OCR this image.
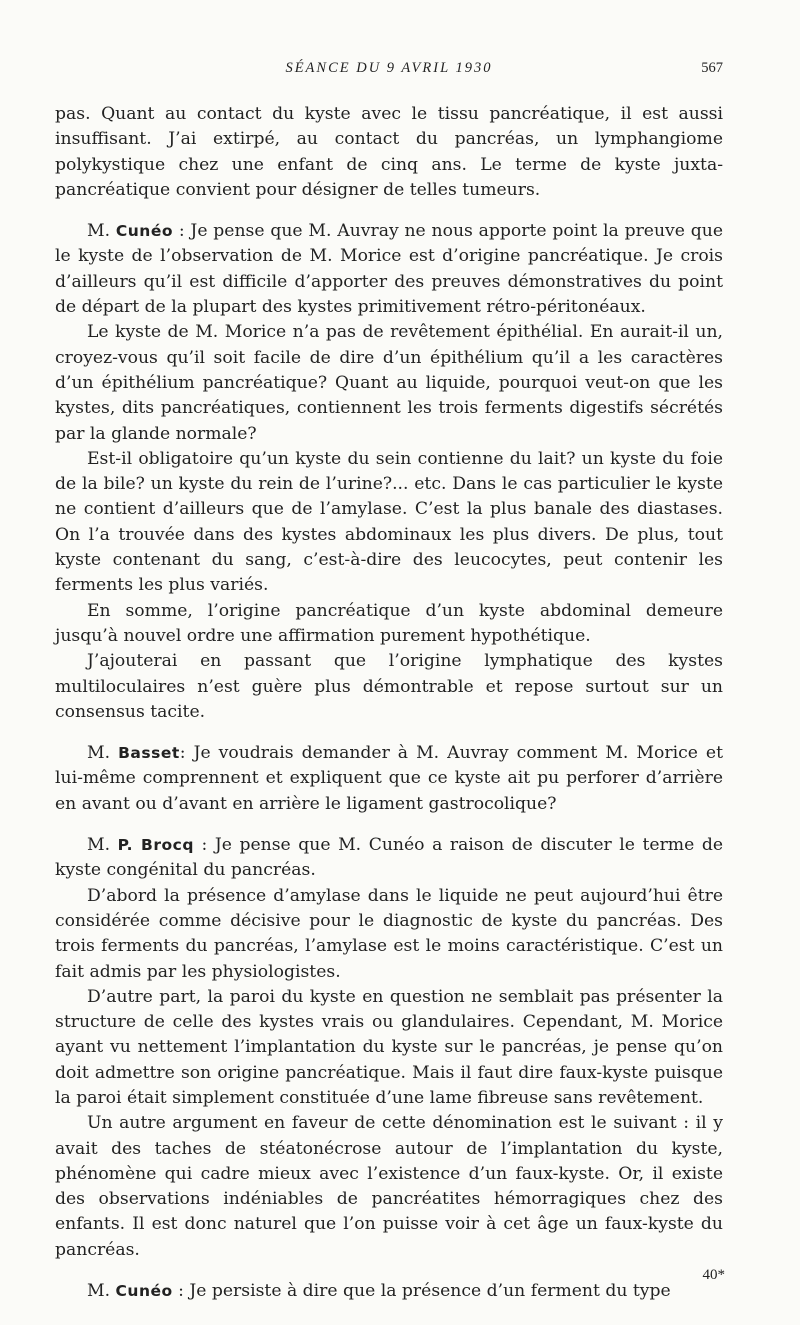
SÉANCE DU 9 AVRIL 1930	567

pas. Quant au contact du kyste avec le tissu pancréatique, il est aussi insuffisant. J’ai extirpé, au contact du pancréas, un lymphangiome polykystique chez une enfant de cinq ans. Le terme de kyste juxta-pancréatique convient pour désigner de telles tumeurs.

M. Cunéo : Je pense que M. Auvray ne nous apporte point la preuve que le kyste de l’observation de M. Morice est d’origine pancréatique. Je crois d’ailleurs qu’il est difficile d’apporter des preuves démonstratives du point de départ de la plupart des kystes primitivement rétro-péritonéaux.

Le kyste de M. Morice n’a pas de revêtement épithélial. En aurait-il un, croyez-vous qu’il soit facile de dire d’un épithélium qu’il a les caractères d’un épithélium pancréatique? Quant au liquide, pourquoi veut-on que les kystes, dits pancréatiques, contiennent les trois ferments digestifs sécrétés par la glande normale?

Est-il obligatoire qu’un kyste du sein contienne du lait? un kyste du foie de la bile? un kyste du rein de l’urine?... etc. Dans le cas particulier le kyste ne contient d’ailleurs que de l’amylase. C’est la plus banale des diastases. On l’a trouvée dans des kystes abdominaux les plus divers. De plus, tout kyste contenant du sang, c’est-à-dire des leucocytes, peut contenir les ferments les plus variés.

En somme, l’origine pancréatique d’un kyste abdominal demeure jusqu’à nouvel ordre une affirmation purement hypothétique.

J’ajouterai en passant que l’origine lymphatique des kystes multiloculaires n’est guère plus démontrable et repose surtout sur un consensus tacite.

M. Basset: Je voudrais demander à M. Auvray comment M. Morice et lui-même comprennent et expliquent que ce kyste ait pu perforer d’arrière en avant ou d’avant en arrière le ligament gastrocolique?

M. P. Brocq : Je pense que M. Cunéo a raison de discuter le terme de kyste congénital du pancréas.

D’abord la présence d’amylase dans le liquide ne peut aujourd’hui être considérée comme décisive pour le diagnostic de kyste du pancréas. Des trois ferments du pancréas, l’amylase est le moins caractéristique. C’est un fait admis par les physiologistes.

D’autre part, la paroi du kyste en question ne semblait pas présenter la structure de celle des kystes vrais ou glandulaires. Cependant, M. Morice ayant vu nettement l’implantation du kyste sur le pancréas, je pense qu’on doit admettre son origine pancréatique. Mais il faut dire faux-kyste puisque la paroi était simplement constituée d’une lame fibreuse sans revêtement.

Un autre argument en faveur de cette dénomination est le suivant : il y avait des taches de stéatonécrose autour de l’implantation du kyste, phénomène qui cadre mieux avec l’existence d’un faux-kyste. Or, il existe des observations indéniables de pancréatites hémorragiques chez des enfants. Il est donc naturel que l’on puisse voir à cet âge un faux-kyste du pancréas.

M. Cunéo : Je persiste à dire que la présence d’un ferment du type

40*
